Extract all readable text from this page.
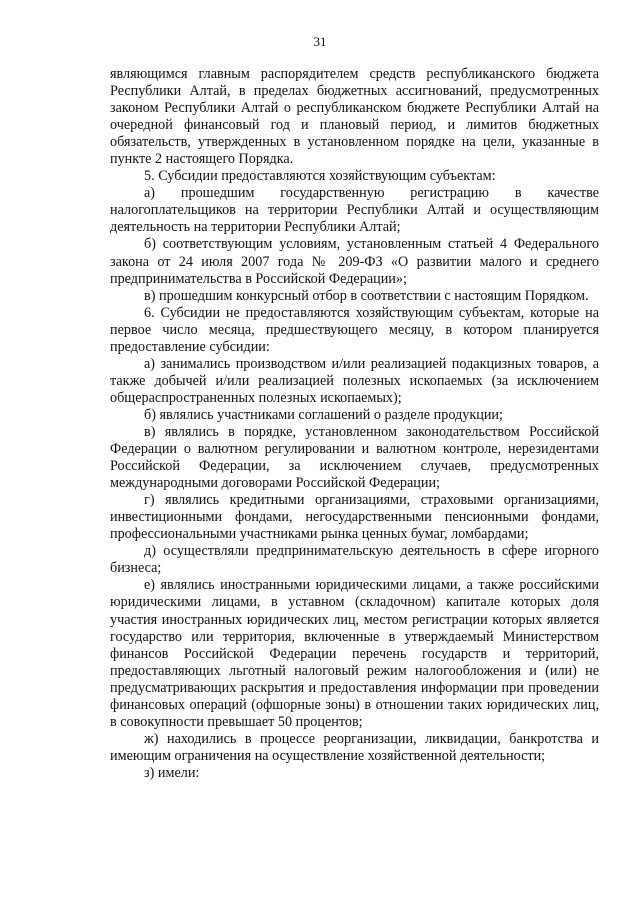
31

являющимся главным распорядителем средств республиканского бюджета Республики Алтай, в пределах бюджетных ассигнований, предусмотренных законом Республики Алтай о республиканском бюджете Республики Алтай на очередной финансовый год и плановый период, и лимитов бюджетных обязательств, утвержденных в установленном порядке на цели, указанные в пункте 2 настоящего Порядка.

5. Субсидии предоставляются хозяйствующим субъектам:

а) прошедшим государственную регистрацию в качестве налогоплательщиков на территории Республики Алтай и осуществляющим деятельность на территории Республики Алтай;

б) соответствующим условиям, установленным статьей 4 Федерального закона от 24 июля 2007 года № 209-ФЗ «О развитии малого и среднего предпринимательства в Российской Федерации»;

в) прошедшим конкурсный отбор в соответствии с настоящим Порядком.

6. Субсидии не предоставляются хозяйствующим субъектам, которые на первое число месяца, предшествующего месяцу, в котором планируется предоставление субсидии:

а) занимались производством и/или реализацией подакцизных товаров, а также добычей и/или реализацией полезных ископаемых (за исключением общераспространенных полезных ископаемых);

б) являлись участниками соглашений о разделе продукции;

в) являлись в порядке, установленном законодательством Российской Федерации о валютном регулировании и валютном контроле, нерезидентами Российской Федерации, за исключением случаев, предусмотренных международными договорами Российской Федерации;

г) являлись кредитными организациями, страховыми организациями, инвестиционными фондами, негосударственными пенсионными фондами, профессиональными участниками рынка ценных бумаг, ломбардами;

д) осуществляли предпринимательскую деятельность в сфере игорного бизнеса;

е) являлись иностранными юридическими лицами, а также российскими юридическими лицами, в уставном (складочном) капитале которых доля участия иностранных юридических лиц, местом регистрации которых является государство или территория, включенные в утверждаемый Министерством финансов Российской Федерации перечень государств и территорий, предоставляющих льготный налоговый режим налогообложения и (или) не предусматривающих раскрытия и предоставления информации при проведении финансовых операций (офшорные зоны) в отношении таких юридических лиц, в совокупности превышает 50 процентов;

ж) находились в процессе реорганизации, ликвидации, банкротства и имеющим ограничения на осуществление хозяйственной деятельности;

з) имели:
